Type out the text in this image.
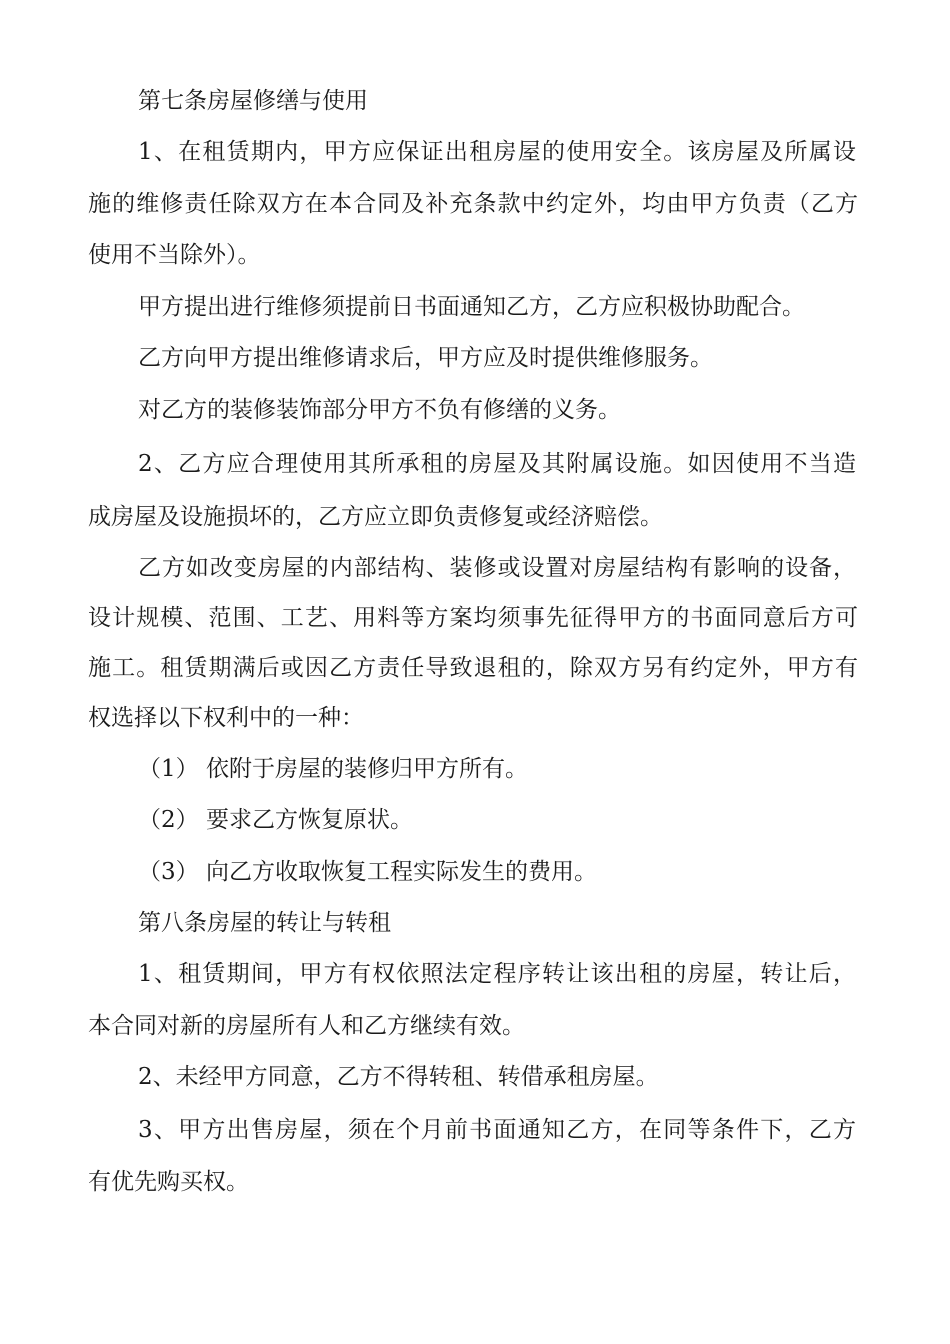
第七条房屋修缮与使用

1、在租赁期内，甲方应保证出租房屋的使用安全。该房屋及所属设

施的维修责任除双方在本合同及补充条款中约定外，均由甲方负责（乙方

使用不当除外）。

甲方提出进行维修须提前日书面通知乙方，乙方应积极协助配合。

乙方向甲方提出维修请求后，甲方应及时提供维修服务。

对乙方的装修装饰部分甲方不负有修缮的义务。

2、乙方应合理使用其所承租的房屋及其附属设施。如因使用不当造

成房屋及设施损坏的，乙方应立即负责修复或经济赔偿。

乙方如改变房屋的内部结构、装修或设置对房屋结构有影响的设备，

设计规模、范围、工艺、用料等方案均须事先征得甲方的书面同意后方可

施工。租赁期满后或因乙方责任导致退租的，除双方另有约定外，甲方有

权选择以下权利中的一种：

（1） 依附于房屋的装修归甲方所有。

（2） 要求乙方恢复原状。

（3） 向乙方收取恢复工程实际发生的费用。

第八条房屋的转让与转租

1、租赁期间，甲方有权依照法定程序转让该出租的房屋，转让后，

本合同对新的房屋所有人和乙方继续有效。

2、未经甲方同意，乙方不得转租、转借承租房屋。

3、甲方出售房屋，须在个月前书面通知乙方，在同等条件下，乙方

有优先购买权。
